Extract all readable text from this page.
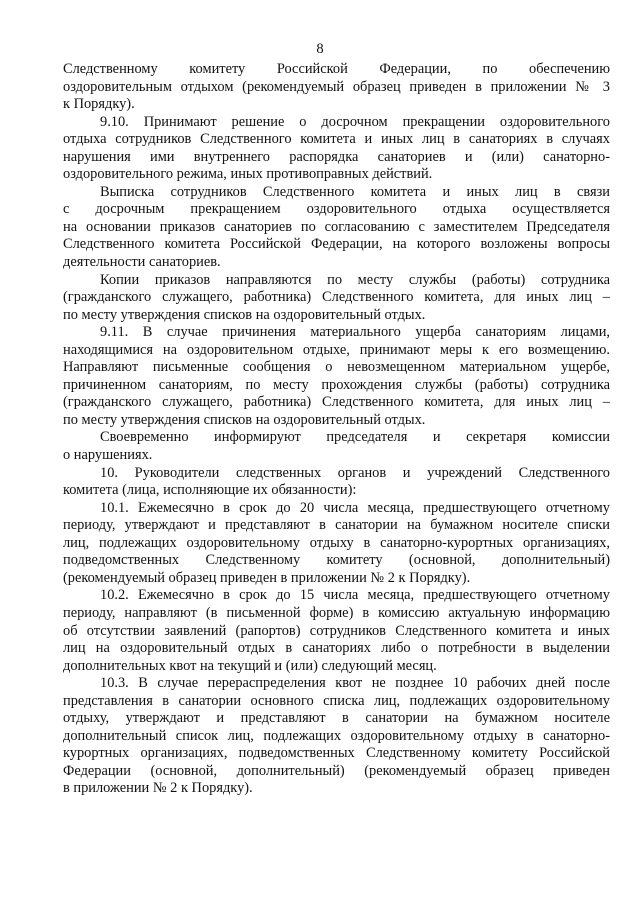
8
Следственному комитету Российской Федерации, по обеспечению
оздоровительным отдыхом (рекомендуемый образец приведен в приложении № 3
к Порядку).
9.10. Принимают решение о досрочном прекращении оздоровительного
отдыха сотрудников Следственного комитета и иных лиц в санаториях в случаях
нарушения ими внутреннего распорядка санаториев и (или) санаторно-
оздоровительного режима, иных противоправных действий.
Выписка сотрудников Следственного комитета и иных лиц в связи
с досрочным прекращением оздоровительного отдыха осуществляется
на основании приказов санаториев по согласованию с заместителем Председателя
Следственного комитета Российской Федерации, на которого возложены вопросы
деятельности санаториев.
Копии приказов направляются по месту службы (работы) сотрудника
(гражданского служащего, работника) Следственного комитета, для иных лиц –
по месту утверждения списков на оздоровительный отдых.
9.11. В случае причинения материального ущерба санаториям лицами,
находящимися на оздоровительном отдыхе, принимают меры к его возмещению.
Направляют письменные сообщения о невозмещенном материальном ущербе,
причиненном санаториям, по месту прохождения службы (работы) сотрудника
(гражданского служащего, работника) Следственного комитета, для иных лиц –
по месту утверждения списков на оздоровительный отдых.
Своевременно информируют председателя и секретаря комиссии
о нарушениях.
10. Руководители следственных органов и учреждений Следственного
комитета (лица, исполняющие их обязанности):
10.1. Ежемесячно в срок до 20 числа месяца, предшествующего отчетному
периоду, утверждают и представляют в санатории на бумажном носителе списки
лиц, подлежащих оздоровительному отдыху в санаторно-курортных организациях,
подведомственных Следственному комитету (основной, дополнительный)
(рекомендуемый образец приведен в приложении № 2 к Порядку).
10.2. Ежемесячно в срок до 15 числа месяца, предшествующего отчетному
периоду, направляют (в письменной форме) в комиссию актуальную информацию
об отсутствии заявлений (рапортов) сотрудников Следственного комитета и иных
лиц на оздоровительный отдых в санаториях либо о потребности в выделении
дополнительных квот на текущий и (или) следующий месяц.
10.3. В случае перераспределения квот не позднее 10 рабочих дней после
представления в санатории основного списка лиц, подлежащих оздоровительному
отдыху, утверждают и представляют в санатории на бумажном носителе
дополнительный список лиц, подлежащих оздоровительному отдыху в санаторно-
курортных организациях, подведомственных Следственному комитету Российской
Федерации (основной, дополнительный) (рекомендуемый образец приведен
в приложении № 2 к Порядку).
